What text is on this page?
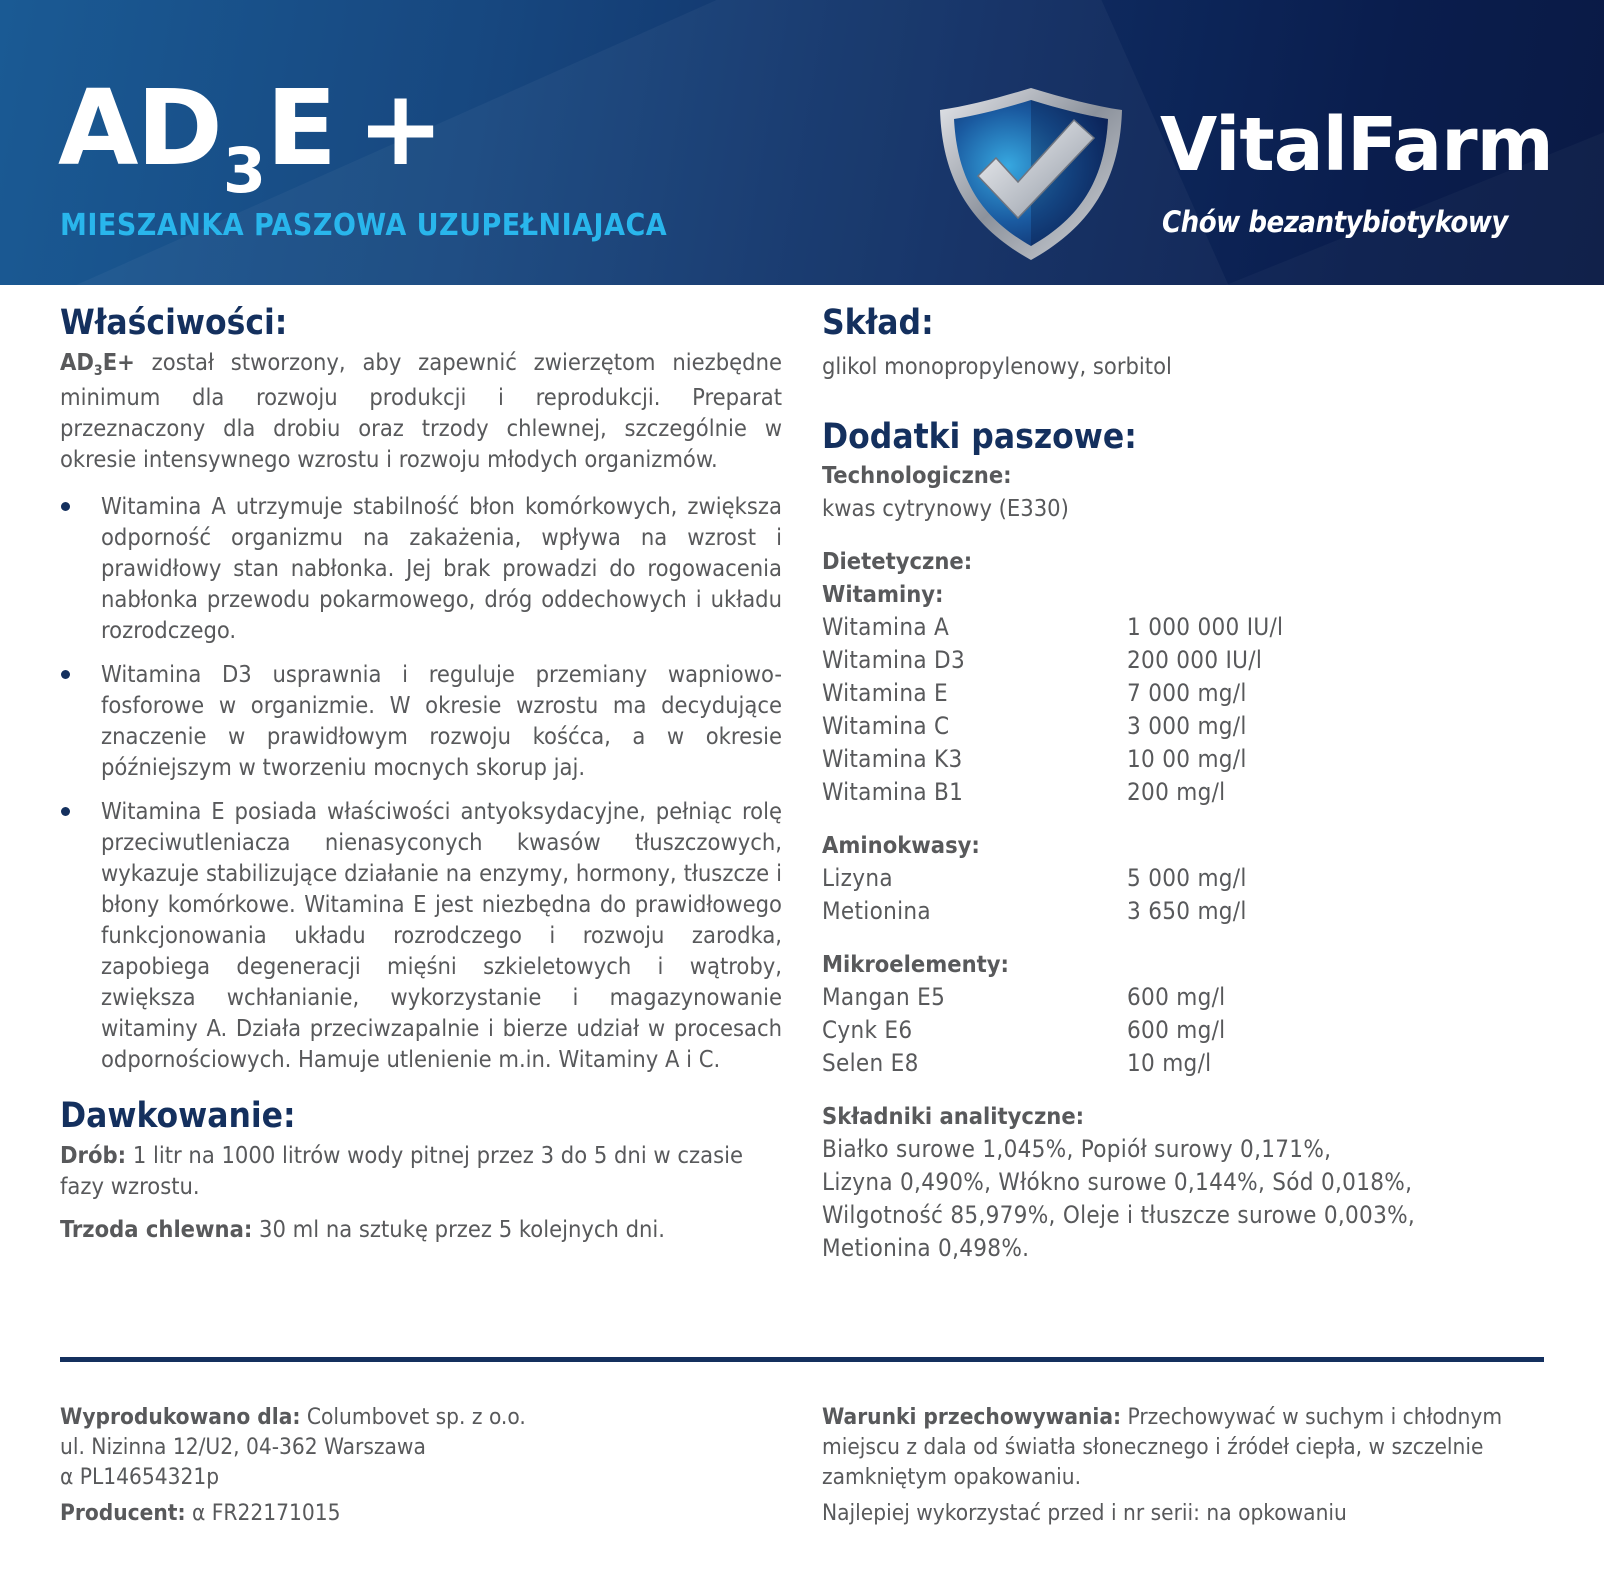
$AD_3E$ +
MIESZANKA PASZOWA UZUPEŁNIAJACA
VitalFarm
Chów bezantybiotykowy
Właściwości:

$AD_3E+$ został stworzony, aby zapewnić zwierzętom niezbędne minimum dla rozwoju produkcji i reprodukcji. Preparat przeznaczony dla drobiu oraz trzody chlewnej, szczególnie w okresie intensywnego wzrostu i rozwoju młodych organizmów.

Witamina A utrzymuje stabilność błon komórkowych, zwiększa odporność organizmu na zakażenia, wpływa na wzrost i prawidłowy stan nabłonka. Jej brak prowadzi do rogowacenia nabłonka przewodu pokarmowego, dróg oddechowych i układu rozrodczego.

Witamina D3 usprawnia i reguluje przemiany wapniowo-fosforowe w organizmie. W okresie wzrostu ma decydujące znaczenie w prawidłowym rozwoju kośćca, a w okresie późniejszym w tworzeniu mocnych skorup jaj.

Witamina E posiada właściwości antyoksydacyjne, pełniąc rolę przeciwutleniacza nienasyconych kwasów tłuszczowych, wykazuje stabilizujące działanie na enzymy, hormony, tłuszcze i błony komórkowe. Witamina E jest niezbędna do prawidłowego funkcjonowania układu rozrodczego i rozwoju zarodka, zapobiega degeneracji mięśni szkieletowych i wątroby, zwiększa wchłanianie, wykorzystanie i magazynowanie witaminy A. Działa przeciwzapalnie i bierze udział w procesach odpornościowych. Hamuje utlenienie m.in. Witaminy A i C.

Dawkowanie:

Drób: 1 litr na 1000 litrów wody pitnej przez 3 do 5 dni w czasie fazy wzrostu.

Trzoda chlewna: 30 ml na sztukę przez 5 kolejnych dni.

Skład:

glikol monopropylenowy, sorbitol

Dodatki paszowe:

Technologiczne:

kwas cytrynowy (E330)

Dietetyczne:

Witaminy:

Witamina A	1 000 000 IU/l
Witamina D3	200 000 IU/l
Witamina E	7 000 mg/l
Witamina C	3 000 mg/l
Witamina K3	10 00 mg/l
Witamina B1	200 mg/l

Aminokwasy:

Lizyna	5 000 mg/l
Metionina	3 650 mg/l

Mikroelementy:

Mangan E5	600 mg/l
Cynk E6	600 mg/l
Selen E8	10 mg/l

Składniki analityczne:

Białko surowe 1,045%, Popiół surowy 0,171%,
Lizyna 0,490%, Włókno surowe 0,144%, Sód 0,018%,
Wilgotność 85,979%, Oleje i tłuszcze surowe 0,003%,
Metionina 0,498%.

Wyprodukowano dla: Columbovet sp. z o.o.

ul. Nizinna 12/U2, 04-362 Warszawa

α PL14654321p

Producent: α FR22171015

Warunki przechowywania: Przechowywać w suchym i chłodnym miejscu z dala od światła słonecznego i źródeł ciepła, w szczelnie zamkniętym opakowaniu.

Najlepiej wykorzystać przed i nr serii: na opkowaniu
